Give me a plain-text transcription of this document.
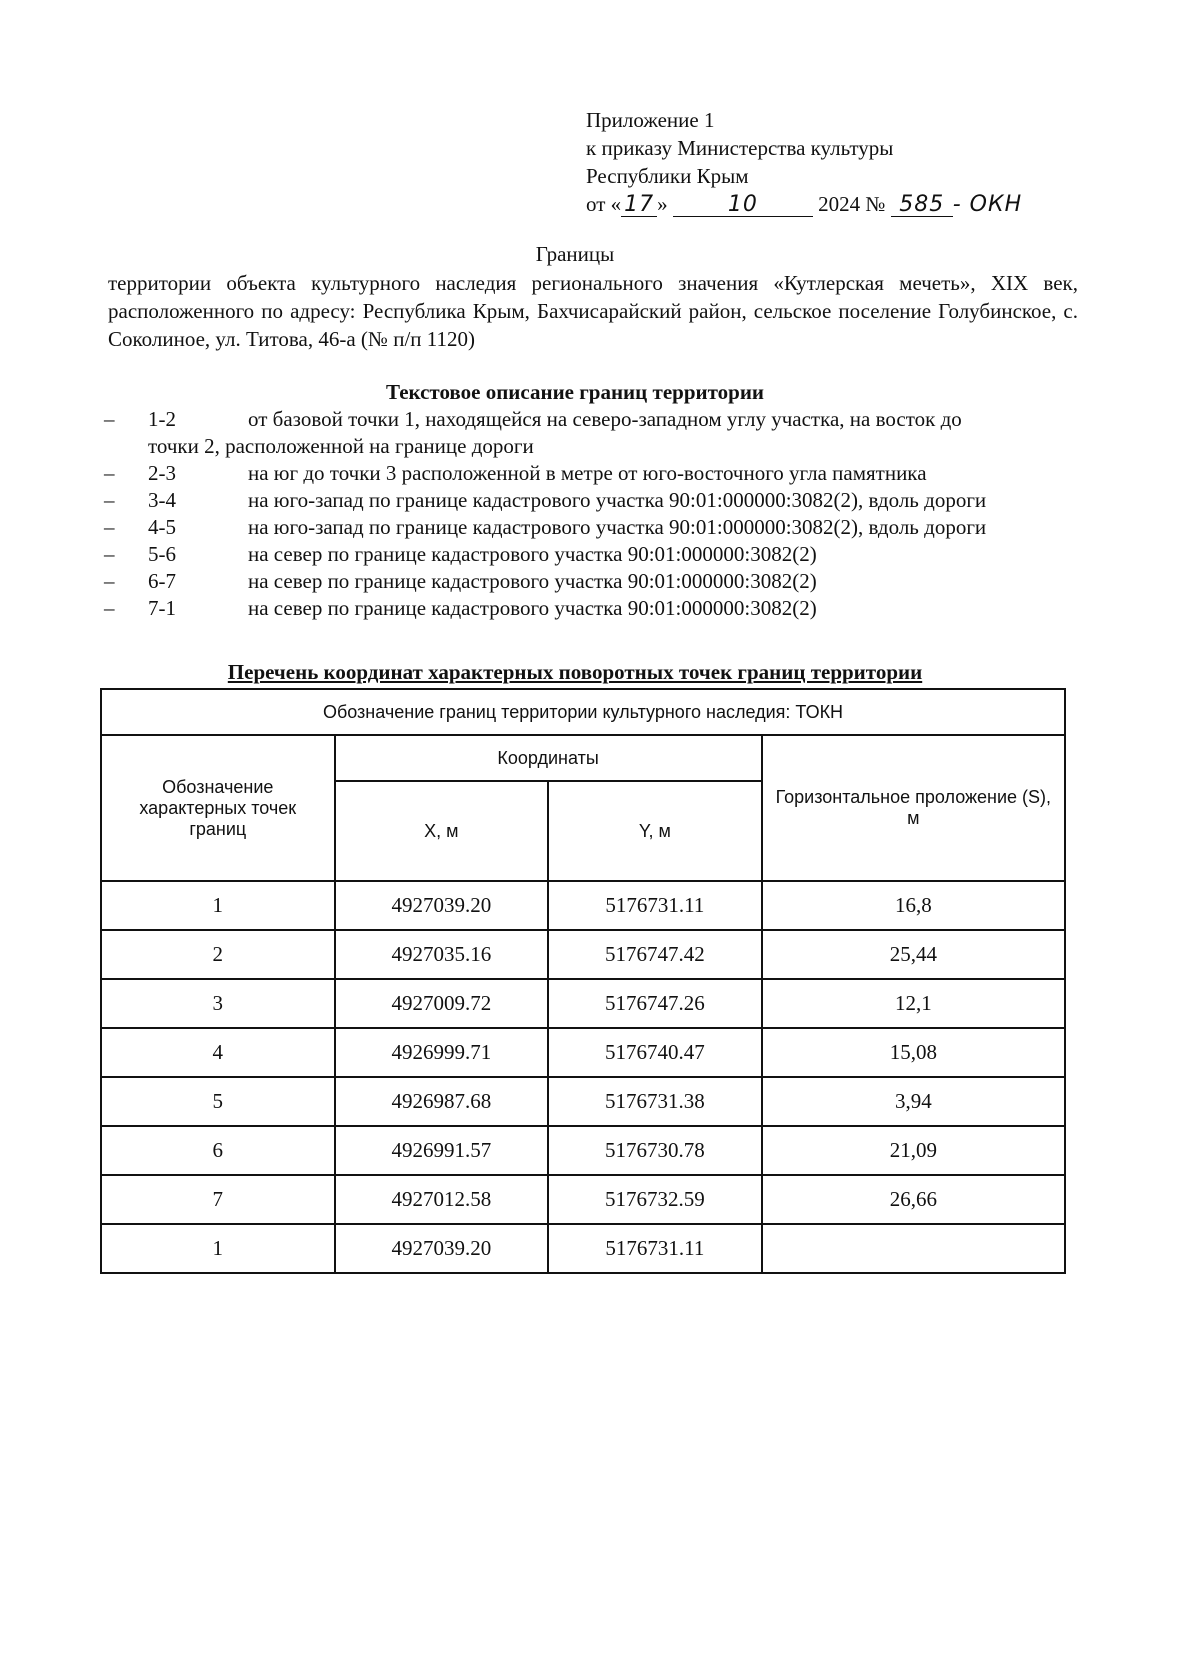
Приложение 1
к приказу Министерства культуры
Республики Крым
от « 17 »	10	2024 № 585 - ОКН
Границы
территории объекта культурного наследия регионального значения «Кутлерская мечеть», XIX век, расположенного по адресу: Республика Крым, Бахчисарайский район, сельское поселение Голубинское, с. Соколиное, ул. Титова, 46-а (№ п/п 1120)
Текстовое описание границ территории
– 1-2	от базовой точки 1, находящейся на северо-западном углу участка, на восток до
точки 2, расположенной на границе дороги
– 2-3	на юг до точки 3 расположенной в метре от юго-восточного угла памятника
– 3-4	на юго-запад по границе кадастрового участка 90:01:000000:3082(2), вдоль дороги
– 4-5	на юго-запад по границе кадастрового участка 90:01:000000:3082(2), вдоль дороги
– 5-6	на север по границе кадастрового участка 90:01:000000:3082(2)
– 6-7	на север по границе кадастрового участка 90:01:000000:3082(2)
– 7-1	на север по границе кадастрового участка 90:01:000000:3082(2)
Перечень координат характерных поворотных точек границ территории
Обозначение границ территории культурного наследия: ТОКН			
Обозначение характерных точек границ	Координаты		Горизонтальное проложение (S), м
	X, м	Y, м	
1	4927039.20	5176731.11	16,8
2	4927035.16	5176747.42	25,44
3	4927009.72	5176747.26	12,1
4	4926999.71	5176740.47	15,08
5	4926987.68	5176731.38	3,94
6	4926991.57	5176730.78	21,09
7	4927012.58	5176732.59	26,66
1	4927039.20	5176731.11	
